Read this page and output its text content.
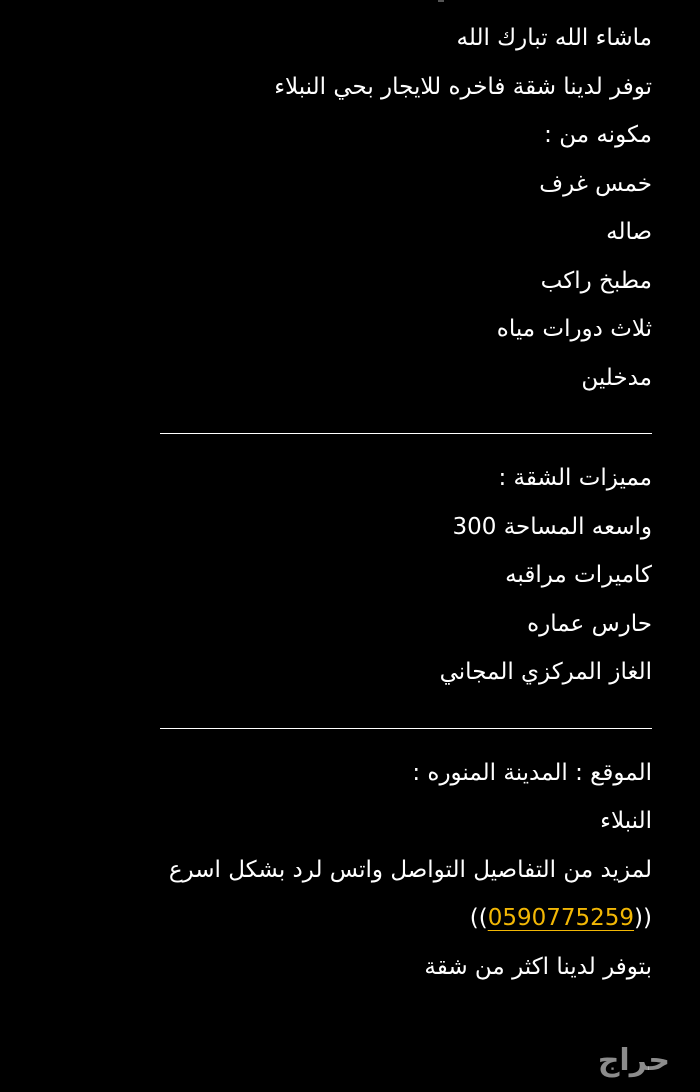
ماشاء الله تبارك الله
توفر لدينا شقة فاخره للايجار بحي النبلاء
مكونه من :
خمس غرف
صاله
مطبخ راكب
ثلاث دورات مياه
مدخلين
مميزات الشقة :
واسعه المساحة 300
كاميرات مراقبه
حارس عماره
الغاز المركزي المجاني
الموقع : المدينة المنوره :
النبلاء
لمزيد من التفاصيل التواصل واتس لرد بشكل اسرع
((0590775259))
بتوفر لدينا اكثر من شقة
حراج
